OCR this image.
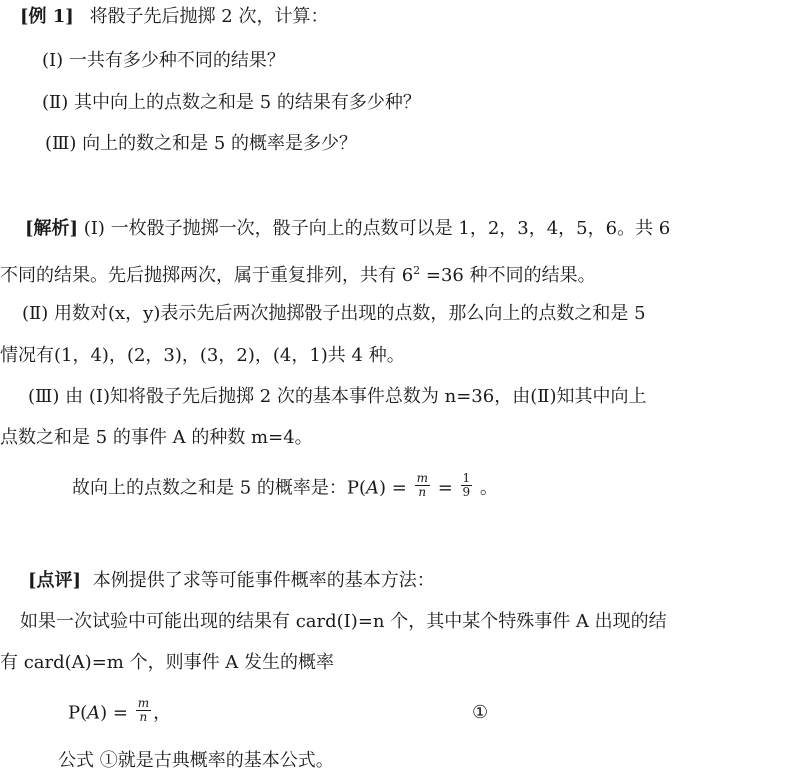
[例 1] 将骰子先后抛掷 2 次，计算：
(Ⅰ) 一共有多少种不同的结果？
(Ⅱ) 其中向上的点数之和是 5 的结果有多少种？
(Ⅲ) 向上的数之和是 5 的概率是多少？
[解析] (Ⅰ) 一枚骰子抛掷一次，骰子向上的点数可以是 1，2，3，4，5，6。共 6
不同的结果。先后抛掷两次，属于重复排列，共有 $6^2 =36$ 种不同的结果。
(Ⅱ) 用数对(x，y)表示先后两次抛掷骰子出现的点数，那么向上的点数之和是 5
情况有(1，4)，(2，3)，(3，2)，(4，1)共 4 种。
(Ⅲ) 由 (Ⅰ)知将骰子先后抛掷 2 次的基本事件总数为 n=36，由(Ⅱ)知其中向上
点数之和是 5 的事件 A 的种数 m=4。
故向上的点数之和是 5 的概率是：$P(A) = \frac{m}{n} = \frac{1}{9}$ 。
[点评] 本例提供了求等可能事件概率的基本方法：
如果一次试验中可能出现的结果有 card(Ⅰ)=n 个，其中某个特殊事件 A 出现的结
有 card(A)=m 个，则事件 A 发生的概率
$P(A) = \frac{m}{n}$ ，	①
公式 ①就是古典概率的基本公式。
